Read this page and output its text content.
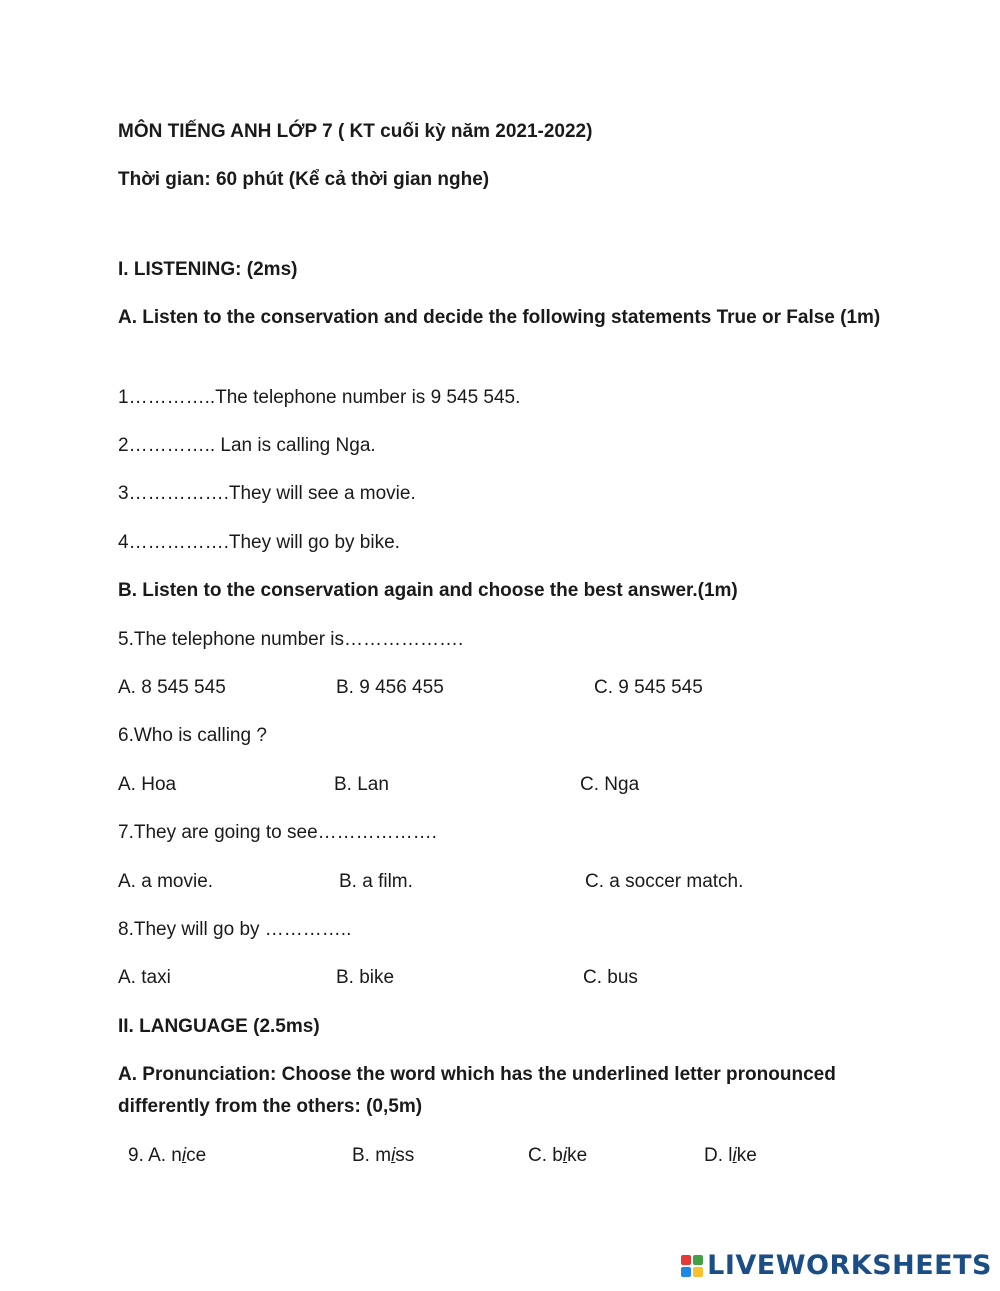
MÔN TIẾNG ANH LỚP 7 ( KT cuối kỳ năm 2021-2022)
Thời gian: 60 phút (Kể cả thời gian nghe)
I. LISTENING: (2ms)
A. Listen to the conservation and decide the following statements True or False (1m)
1…………..The telephone number is 9 545 545.
2………….. Lan is calling Nga.
3…………….They will see a movie.
4…………….They will go by bike.
B. Listen to the conservation again and choose the best answer.(1m)
5.The telephone number is……………….
A. 8 545 545	B. 9 456 455	C. 9 545 545
6.Who is calling ?
A. Hoa	B. Lan	C. Nga
7.They are going to see……………….
A. a movie.	B. a film.	C. a soccer match.
8.They will go by …………..
A. taxi	B. bike	C. bus
II. LANGUAGE (2.5ms)
A. Pronunciation: Choose the word which has the underlined letter pronounced differently from the others: (0,5m)
9. A. nice	B. miss	C. bike	D. like
LIVEWORKSHEETS
